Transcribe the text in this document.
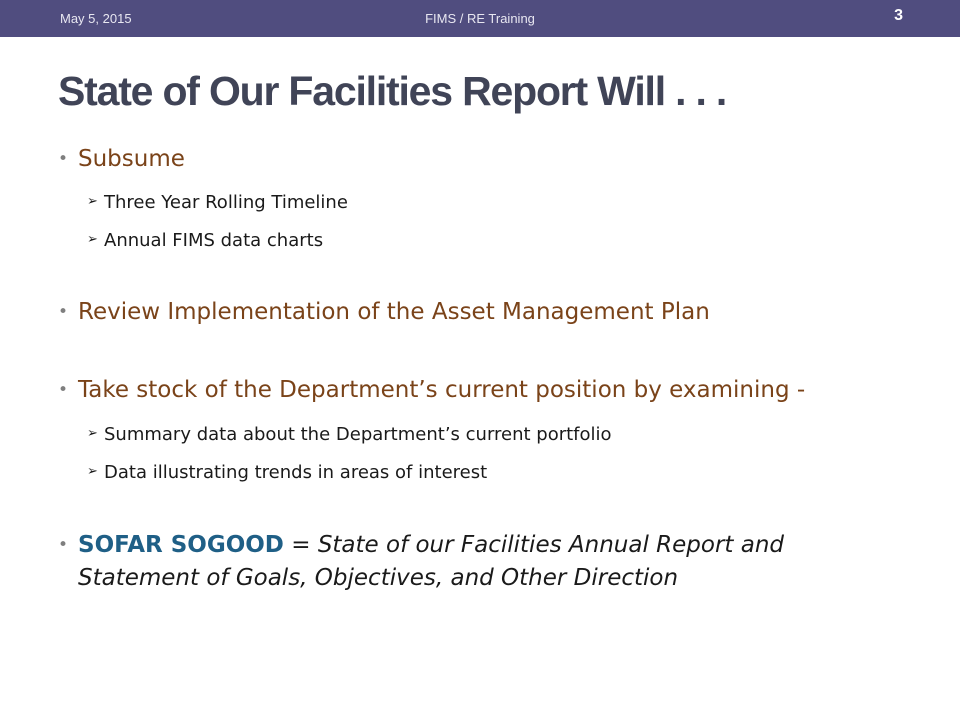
May 5, 2015	FIMS / RE Training	3
State of Our Facilities Report Will . . .
• Subsume
➢ Three Year Rolling Timeline
➢ Annual FIMS data charts
• Review Implementation of the Asset Management Plan
• Take stock of the Department’s current position by examining -
➢ Summary data about the Department’s current portfolio
➢ Data illustrating trends in areas of interest
• SOFAR SOGOOD = State of our Facilities Annual Report and Statement of Goals, Objectives, and Other Direction
